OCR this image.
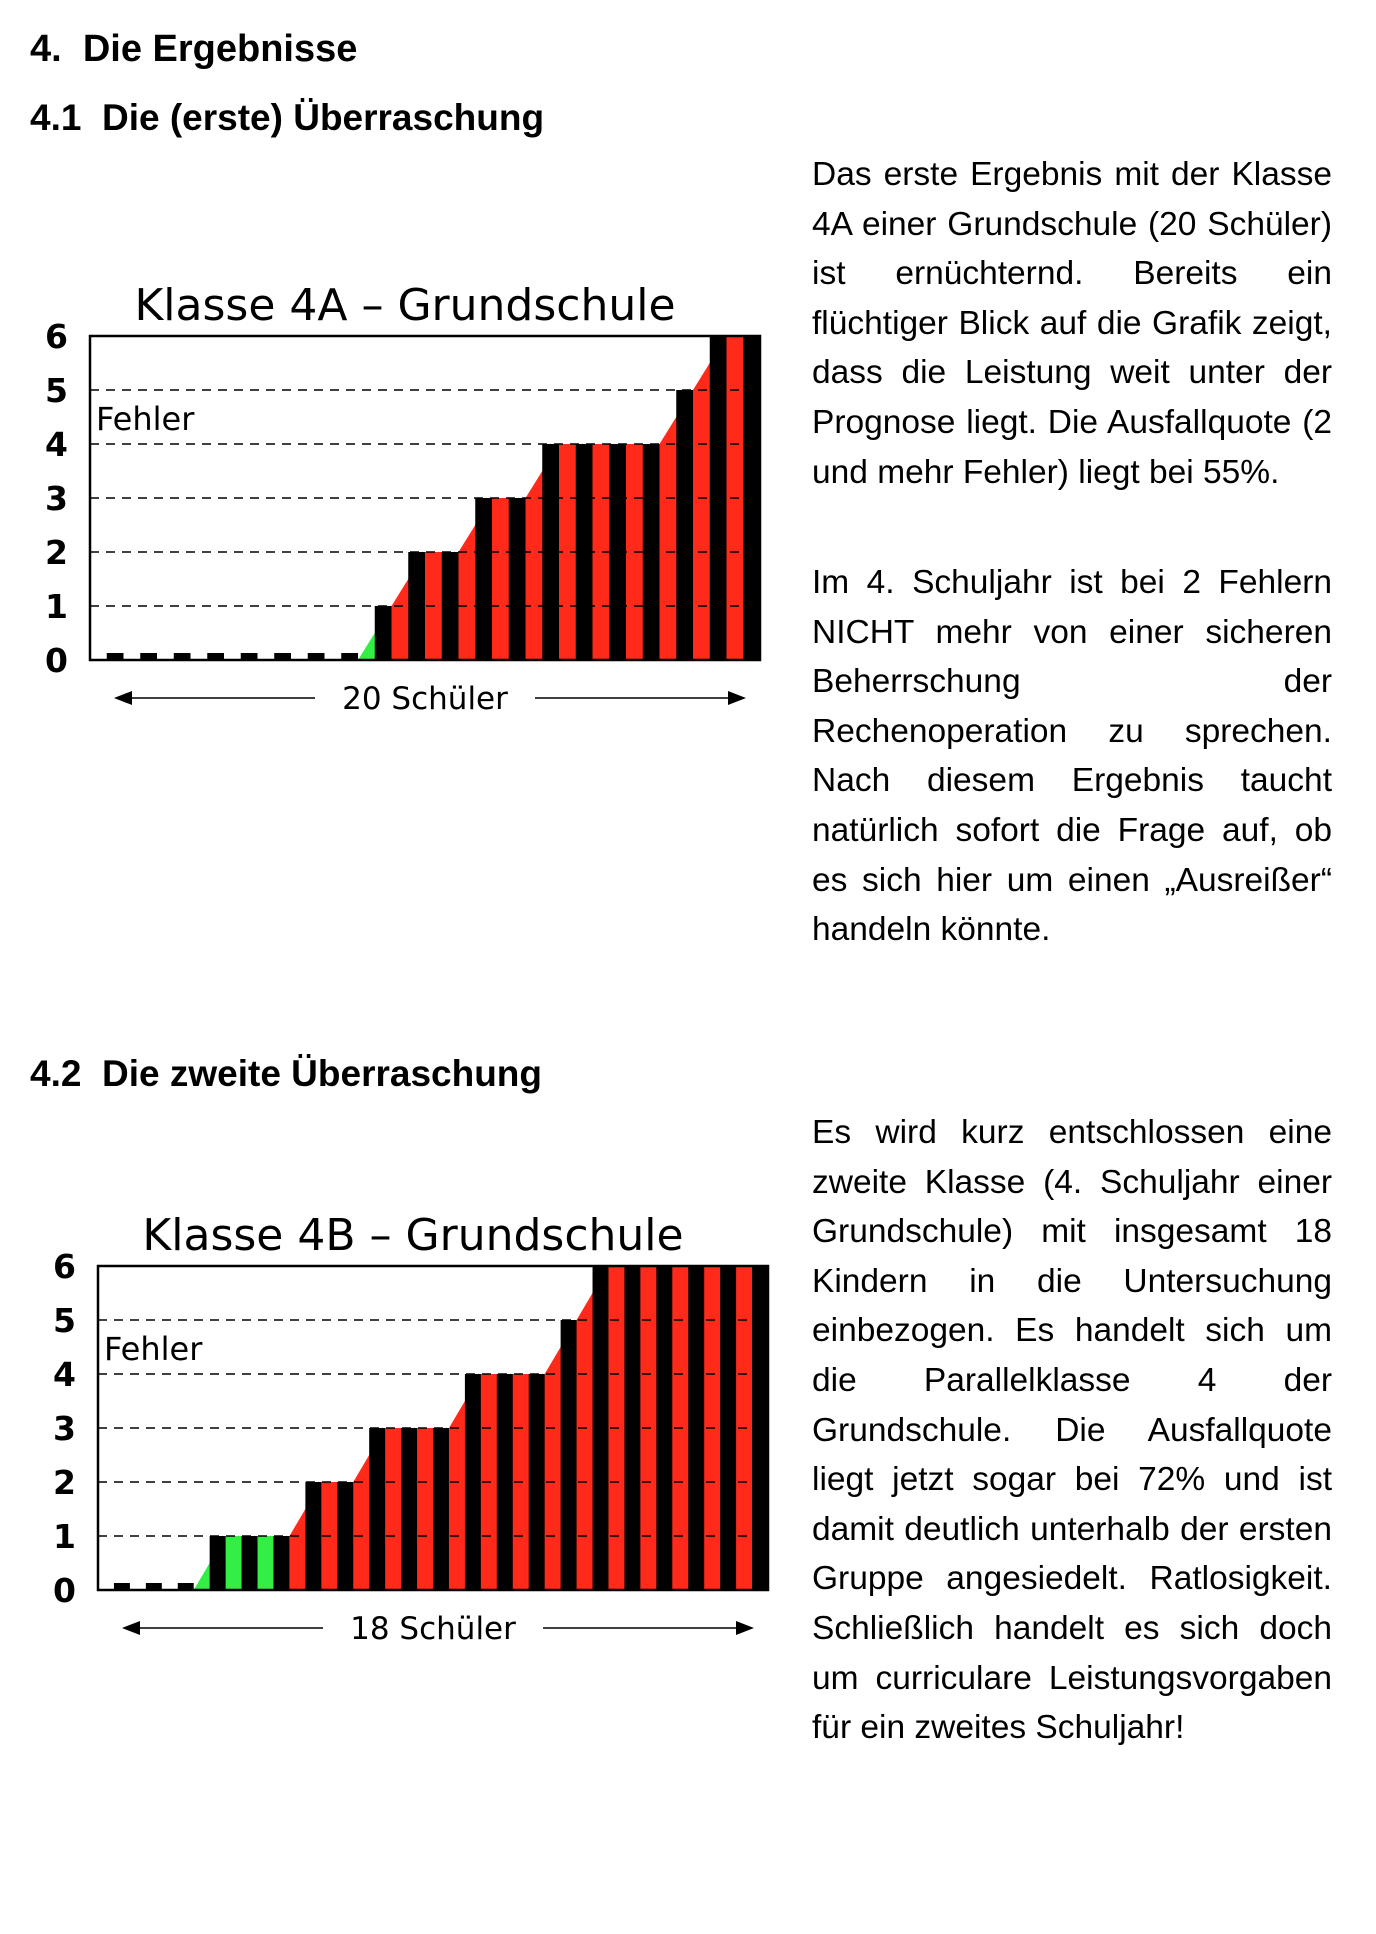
4. Die Ergebnisse
4.1 Die (erste) Überraschung
4.2 Die zweite Überraschung

Das erste Ergebnis mit der Klasse 4A einer Grundschule (20 Schüler) ist ernüchternd. Bereits ein flüchtiger Blick auf die Grafik zeigt, dass die Leistung weit unter der Prognose liegt. Die Ausfallquote (2 und mehr Fehler) liegt bei 55%.

Im 4. Schuljahr ist bei 2 Fehlern NICHT mehr von einer sicheren Beherrschung der Rechenoperation zu sprechen. Nach diesem Ergebnis taucht natürlich sofort die Frage auf, ob es sich hier um einen „Ausreißer“ handeln könnte.

Es wird kurz entschlossen eine zweite Klasse (4. Schuljahr einer Grundschule) mit insgesamt 18 Kindern in die Untersuchung einbezogen. Es handelt sich um die Parallelklasse 4 der Grundschule. Die Ausfallquote liegt jetzt sogar bei 72% und ist damit deutlich unterhalb der ersten Gruppe angesiedelt. Ratlosigkeit. Schließlich handelt es sich doch um curriculare Leistungsvorgaben für ein zweites Schuljahr!

Klasse 4A – Grundschule
0
1
2
3
4
5
6
Fehler
20 Schüler
Klasse 4B – Grundschule
0
1
2
3
4
5
6
Fehler
18 Schüler
